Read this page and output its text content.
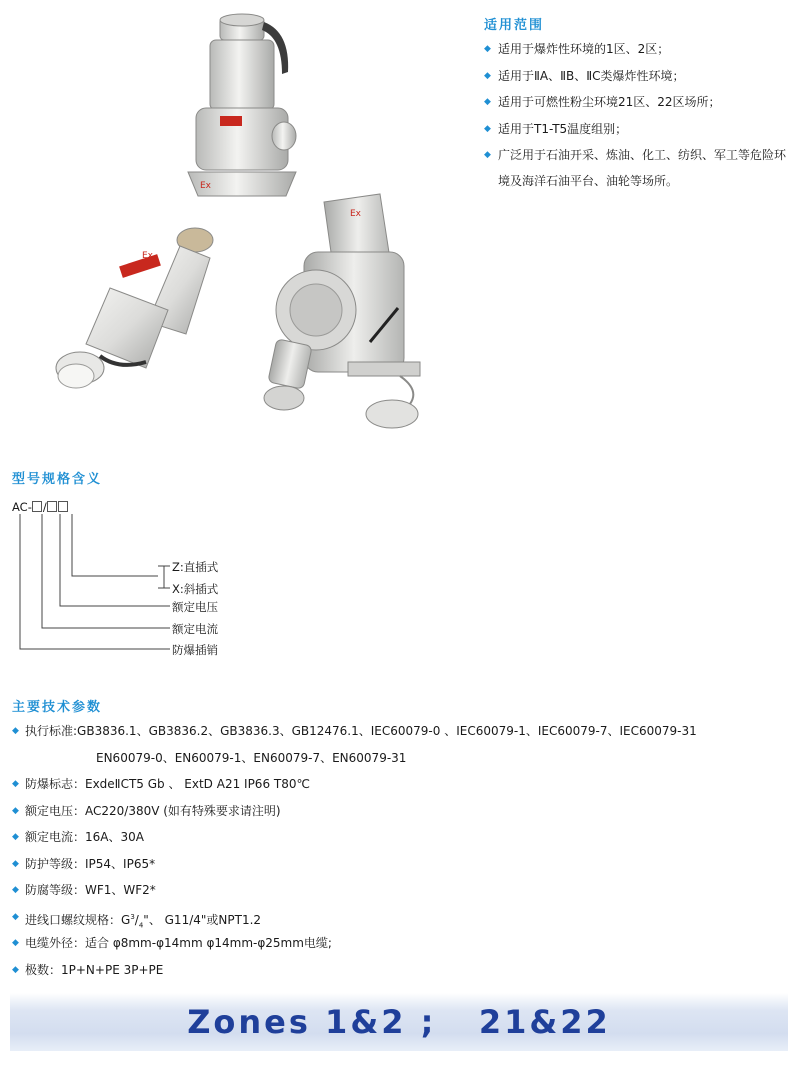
Ex
Ex
Ex
适用范围
◆ 适用于爆炸性环境的1区、2区；
◆ 适用于ⅡA、ⅡB、ⅡC类爆炸性环境；
◆ 适用于可燃性粉尘环境21区、22区场所；
◆ 适用于T1-T5温度组别；
◆ 广泛用于石油开采、炼油、化工、纺织、军工等危险环境及海洋石油平台、油轮等场所。
型号规格含义
AC- /
Z:直插式
X:斜插式
额定电压
额定电流
防爆插销
主要技术参数
◆ 执行标准:GB3836.1、GB3836.2、GB3836.3、GB12476.1、IEC60079-0 、IEC60079-1、IEC60079-7、IEC60079-31
EN60079-0、EN60079-1、EN60079-7、EN60079-31
◆ 防爆标志：ExdeⅡCT5 Gb 、 ExtD A21 IP66 T80℃
◆ 额定电压：AC220/380V (如有特殊要求请注明)
◆ 额定电流：16A、30A
◆ 防护等级：IP54、IP65*
◆ 防腐等级：WF1、WF2*
◆ 进线口螺纹规格：$G^3/_4$"、 G11/4"或NPT1.2
◆ 电缆外径：适合 φ8mm-φ14mm φ14mm-φ25mm电缆;
◆ 极数：1P+N+PE 3P+PE
Zones 1&2 ;   21&22
